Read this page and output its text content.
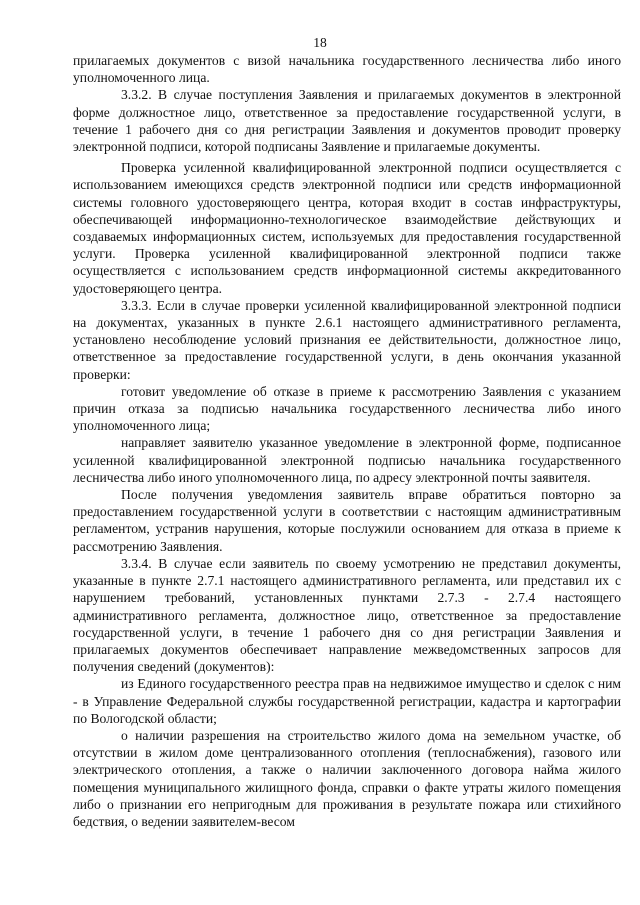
18

прилагаемых документов с визой начальника государственного лесничества либо иного уполномоченного лица.

3.3.2. В случае поступления Заявления и прилагаемых документов в электронной форме должностное лицо, ответственное за предоставление государственной услуги, в течение 1 рабочего дня со дня регистрации Заявления и документов проводит проверку электронной подписи, которой подписаны Заявление и прилагаемые документы.

Проверка усиленной квалифицированной электронной подписи осуществляется с использованием имеющихся средств электронной подписи или средств информационной системы головного удостоверяющего центра, которая входит в состав инфраструктуры, обеспечивающей информационно-технологическое взаимодействие действующих и создаваемых информационных систем, используемых для предоставления государственной услуги. Проверка усиленной квалифицированной электронной подписи также осуществляется с использованием средств информационной системы аккредитованного удостоверяющего центра.

3.3.3. Если в случае проверки усиленной квалифицированной электронной подписи на документах, указанных в пункте 2.6.1 настоящего административного регламента, установлено несоблюдение условий признания ее действительности, должностное лицо, ответственное за предоставление государственной услуги, в день окончания указанной проверки:

готовит уведомление об отказе в приеме к рассмотрению Заявления с указанием причин отказа за подписью начальника государственного лесничества либо иного уполномоченного лица;

направляет заявителю указанное уведомление в электронной форме, подписанное усиленной квалифицированной электронной подписью начальника государственного лесничества либо иного уполномоченного лица, по адресу электронной почты заявителя.

После получения уведомления заявитель вправе обратиться повторно за предоставлением государственной услуги в соответствии с настоящим административным регламентом, устранив нарушения, которые послужили основанием для отказа в приеме к рассмотрению Заявления.

3.3.4. В случае если заявитель по своему усмотрению не представил документы, указанные в пункте 2.7.1 настоящего административного регламента, или представил их с нарушением требований, установленных пунктами 2.7.3 - 2.7.4 настоящего административного регламента, должностное лицо, ответственное за предоставление государственной услуги, в течение 1 рабочего дня со дня регистрации Заявления и прилагаемых документов обеспечивает направление межведомственных запросов для получения сведений (документов):

из Единого государственного реестра прав на недвижимое имущество и сделок с ним - в Управление Федеральной службы государственной регистрации, кадастра и картографии по Вологодской области;

о наличии разрешения на строительство жилого дома на земельном участке, об отсутствии в жилом доме централизованного отопления (теплоснабжения), газового или электрического отопления, а также о наличии заключенного договора найма жилого помещения муниципального жилищного фонда, справки о факте утраты жилого помещения либо о признании его непригодным для проживания в результате пожара или стихийного бедствия, о ведении заявителем-весом
